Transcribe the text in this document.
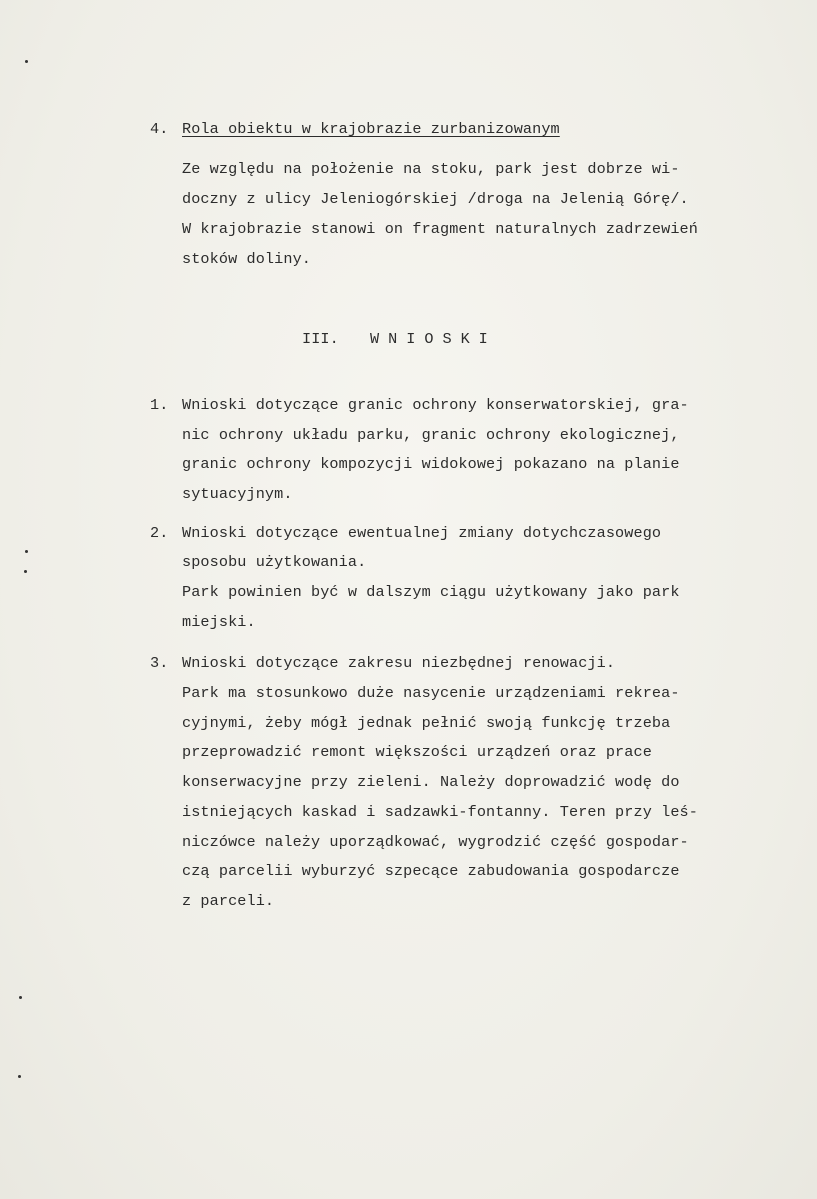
4. Rola obiektu w krajobrazie zurbanizowanym
Ze względu na położenie na stoku, park jest dobrze wi-
doczny z ulicy Jeleniogórskiej /droga na Jelenią Górę/.
W krajobrazie stanowi on fragment naturalnych zadrzewień
stoków doliny.
III. WNIOSKI
1. Wnioski dotyczące granic ochrony konserwatorskiej, gra-
nic ochrony układu parku, granic ochrony ekologicznej,
granic ochrony kompozycji widokowej pokazano na planie
sytuacyjnym.
2. Wnioski dotyczące ewentualnej zmiany dotychczasowego
sposobu użytkowania.
Park powinien być w dalszym ciągu użytkowany jako park
miejski.
3. Wnioski dotyczące zakresu niezbędnej renowacji.
Park ma stosunkowo duże nasycenie urządzeniami rekrea-
cyjnymi, żeby mógł jednak pełnić swoją funkcję trzeba
przeprowadzić remont większości urządzeń oraz prace
konserwacyjne przy zieleni. Należy doprowadzić wodę do
istniejących kaskad i sadzawki-fontanny. Teren przy leś-
niczówce należy uporządkować, wygrodzić część gospodar-
czą parcelii wyburzyć szpecące zabudowania gospodarcze
z parceli.
